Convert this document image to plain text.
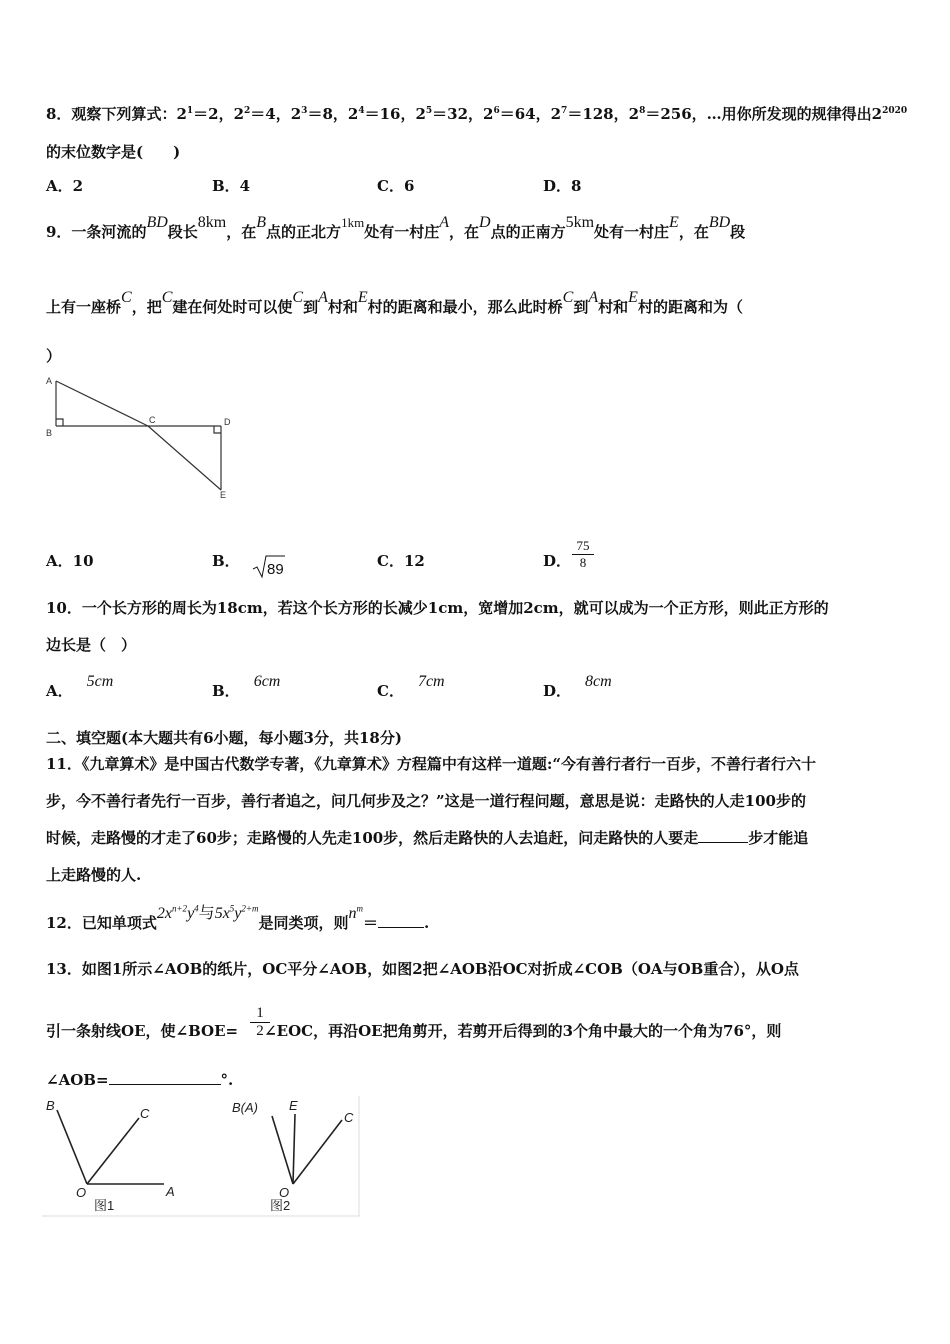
8．观察下列算式：$2^1=2$，$2^2=4$，$2^3=8$，$2^4=16$，$2^5=32$，$2^6=64$，$2^7=128$，$2^8=256$，…用你所发现的规律得出$2^{2020}$
的末位数字是(　　)
A．2	B．4	C．6	D．8
9．一条河流的BD段长8km，在B点的正北方1km处有一村庄A，在D点的正南方5km处有一村庄E，在BD段
上有一座桥C，把C建在何处时可以使C到A村和E村的距离和最小，那么此时桥C到A村和E村的距离和为（
）
A
B
C	D
E
A．10	B． 89	C．12	D． $\frac{75}{8}$
10．一个长方形的周长为18cm，若这个长方形的长减少1cm，宽增加2cm，就可以成为一个正方形，则此正方形的
边长是（　）
A．5cm
B．6cm
C．7cm
D．8cm
二、填空题(本大题共有6小题，每小题3分，共18分)
11．《九章算术》是中国古代数学专著，《九章算术》方程篇中有这样一道题:“今有善行者行一百步，不善行者行六十
步，今不善行者先行一百步，善行者追之，问几何步及之？”这是一道行程问题，意思是说：走路快的人走100步的
时候，走路慢的才走了60步；走路慢的人先走100步，然后走路快的人去追赶，问走路快的人要走	步才能追
上走路慢的人.
12．已知单项式$2x^{n+2}y^4$与$5x^5y^{2+m}$是同类项，则$n^m=$	.
13．如图1所示∠AOB的纸片，OC平分∠AOB，如图2把∠AOB沿OC对折成∠COB（OA与OB重合），从O点
引一条射线OE，使∠BOE= ∠EOC，再沿OE把角剪开，若剪开后得到的3个角中最大的一个角为76°，则
$\frac{1}{2}$
∠AOB=	°.
B
C
O	A
图1
B(A) E
C
O
图2
